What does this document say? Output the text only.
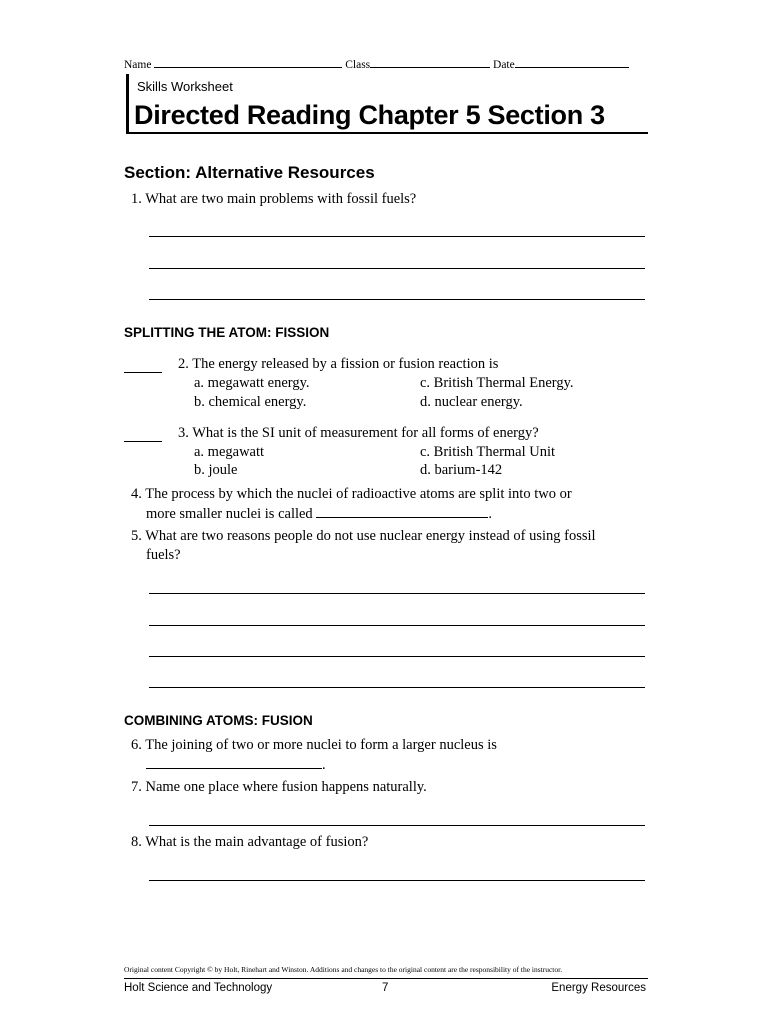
Name	Class	Date
Skills Worksheet
Directed Reading Chapter 5 Section 3
Section: Alternative Resources
1. What are two main problems with fossil fuels?
SPLITTING THE ATOM: FISSION
2. The energy released by a fission or fusion reaction is
a. megawatt energy.
b. chemical energy.
c. British Thermal Energy.
d. nuclear energy.
3. What is the SI unit of measurement for all forms of energy?
a. megawatt
b. joule
c. British Thermal Unit
d. barium-142
4. The process by which the nuclei of radioactive atoms are split into two or
more smaller nuclei is called	.
5. What are two reasons people do not use nuclear energy instead of using fossil
fuels?
COMBINING ATOMS: FUSION
6. The joining of two or more nuclei to form a larger nucleus is
.
7. Name one place where fusion happens naturally.
8. What is the main advantage of fusion?
Original content Copyright © by Holt, Rinehart and Winston. Additions and changes to the original content are the responsibility of the instructor.
Holt Science and Technology	7	Energy Resources
